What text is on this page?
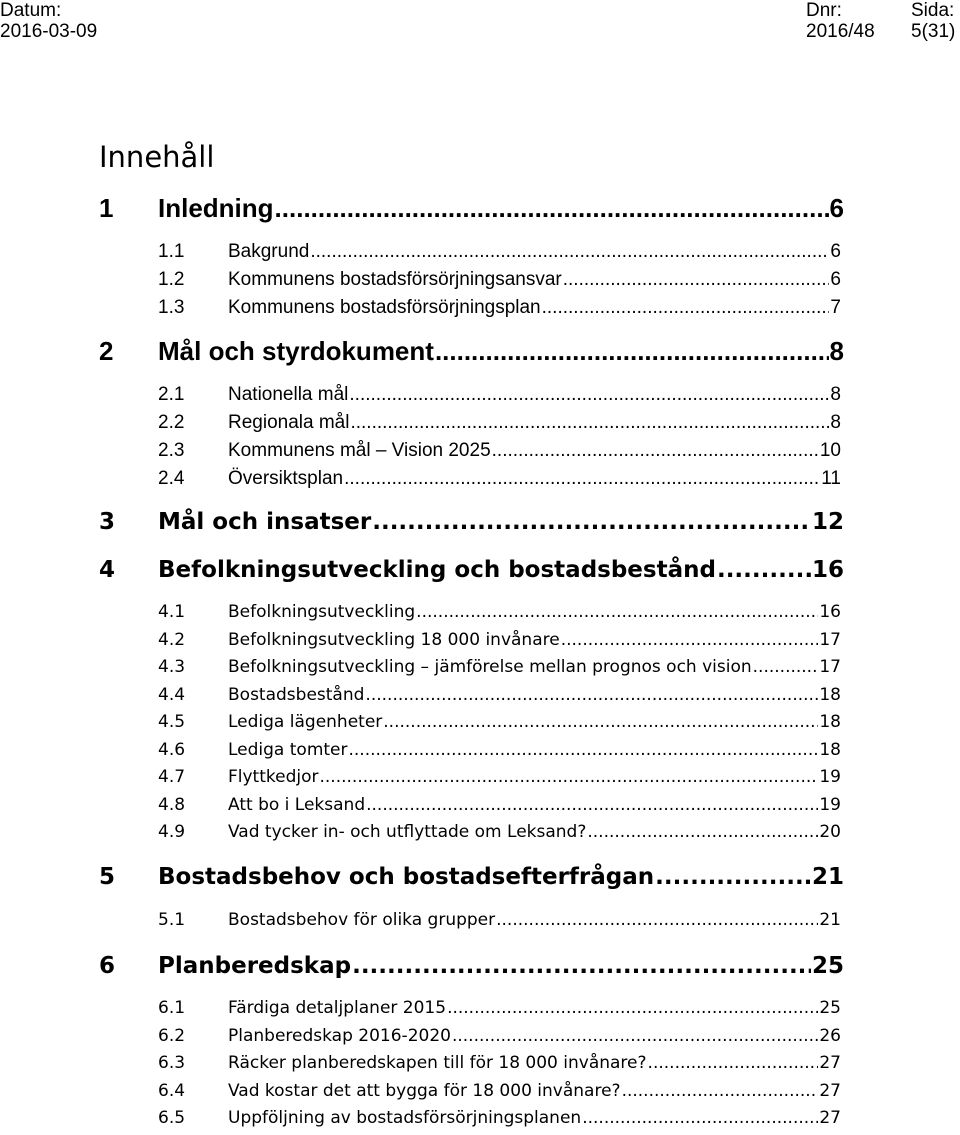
Datum:
2016-03-09
Dnr:
2016/48
Sida:
5(31)
Innehåll
1	Inledning .....	6
1.1	Bakgrund .....	6
1.2	Kommunens bostadsförsörjningsansvar .....	6
1.3	Kommunens bostadsförsörjningsplan .....	7
2	Mål och styrdokument .....	8
2.1	Nationella mål .....	8
2.2	Regionala mål .....	8
2.3	Kommunens mål – Vision 2025 .....	10
2.4	Översiktsplan .....	11
3	Mål och insatser .....	12
4	Befolkningsutveckling och bostadsbestånd .....	16
4.1	Befolkningsutveckling .....	16
4.2	Befolkningsutveckling 18 000 invånare .....	17
4.3	Befolkningsutveckling – jämförelse mellan prognos och vision .....	17
4.4	Bostadsbestånd .....	18
4.5	Lediga lägenheter .....	18
4.6	Lediga tomter .....	18
4.7	Flyttkedjor .....	19
4.8	Att bo i Leksand .....	19
4.9	Vad tycker in- och utflyttade om Leksand? .....	20
5	Bostadsbehov och bostadsefterfrågan .....	21
5.1	Bostadsbehov för olika grupper .....	21
6	Planberedskap .....	25
6.1	Färdiga detaljplaner 2015 .....	25
6.2	Planberedskap 2016-2020 .....	26
6.3	Räcker planberedskapen till för 18 000 invånare? .....	27
6.4	Vad kostar det att bygga för 18 000 invånare? .....	27
6.5	Uppföljning av bostadsförsörjningsplanen .....	27
